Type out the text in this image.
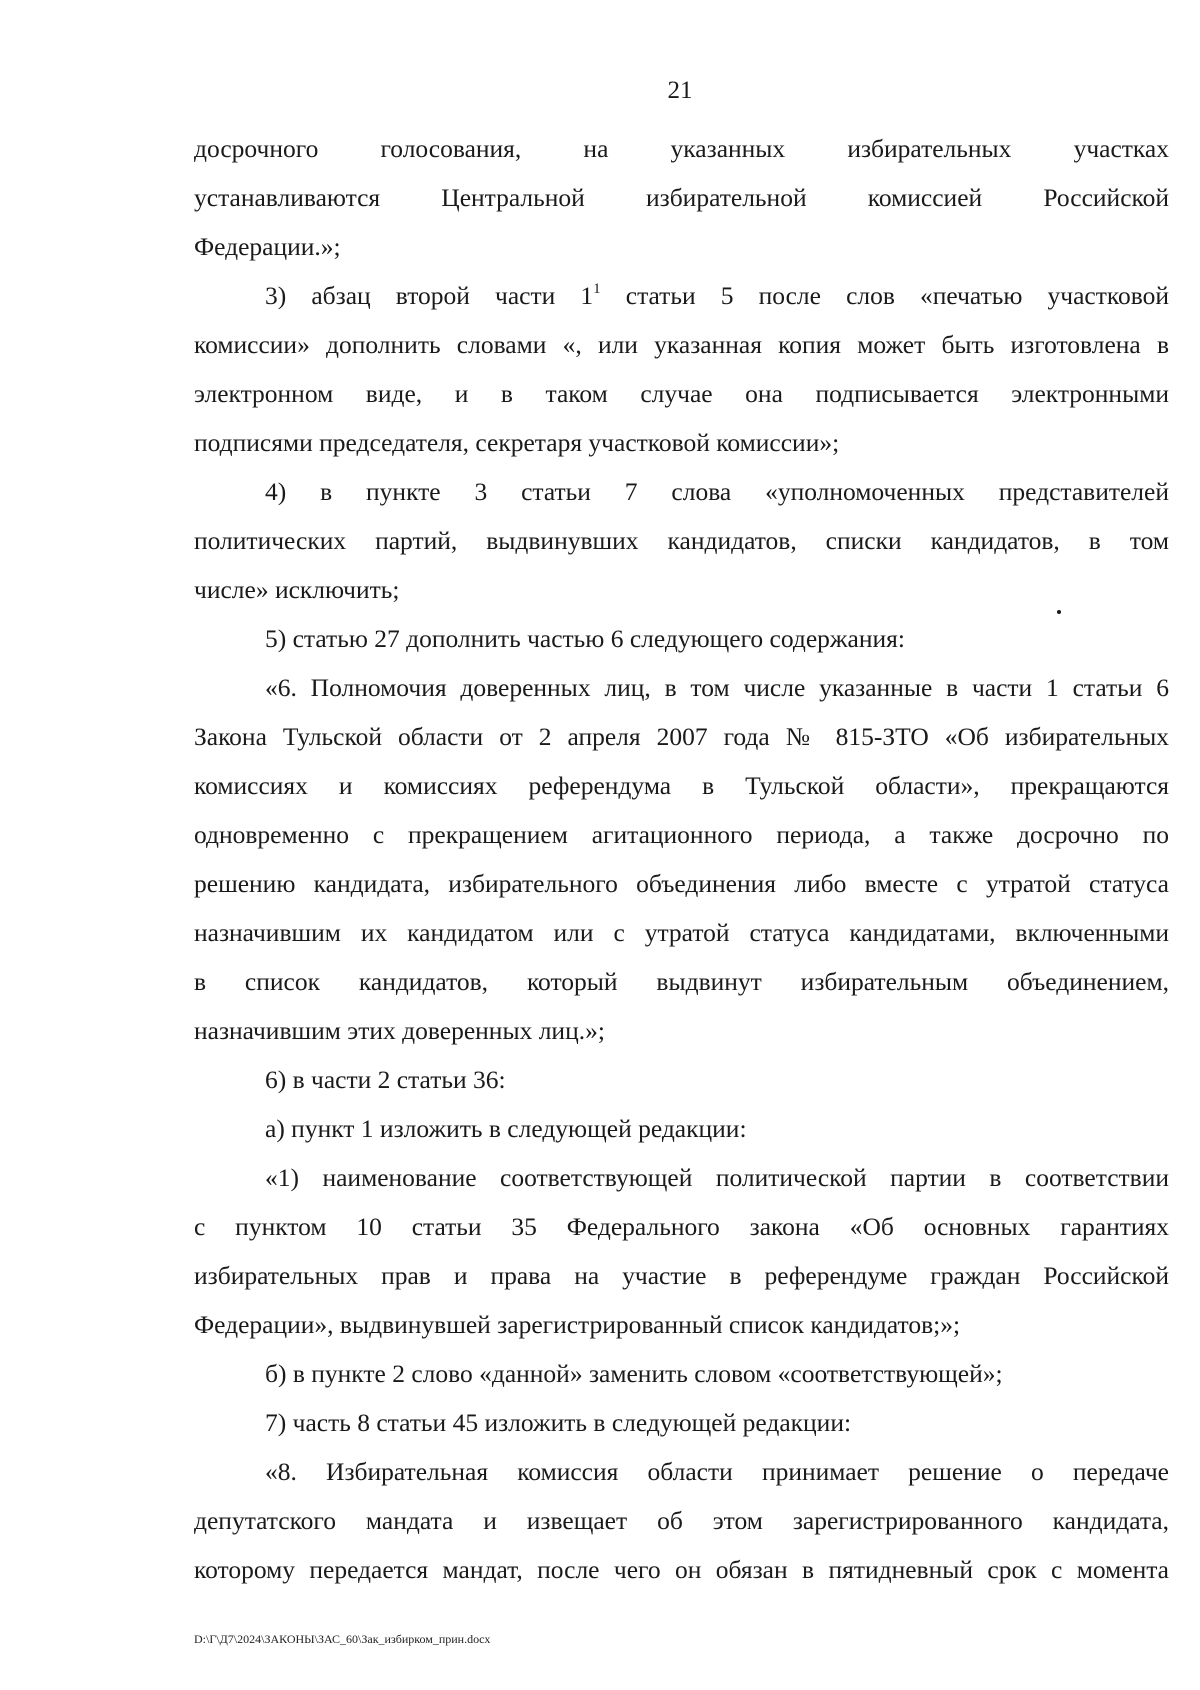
21
досрочного голосования, на указанных избирательных участках
устанавливаются Центральной избирательной комиссией Российской
Федерации.»;
3) абзац второй части $1^1$ статьи 5 после слов «печатью участковой
комиссии» дополнить словами «, или указанная копия может быть изготовлена в
электронном виде, и в таком случае она подписывается электронными
подписями председателя, секретаря участковой комиссии»;
4) в пункте 3 статьи 7 слова «уполномоченных представителей
политических партий, выдвинувших кандидатов, списки кандидатов, в том
числе» исключить;
5) статью 27 дополнить частью 6 следующего содержания:
«6. Полномочия доверенных лиц, в том числе указанные в части 1 статьи 6
Закона Тульской области от 2 апреля 2007 года № 815-ЗТО «Об избирательных
комиссиях и комиссиях референдума в Тульской области», прекращаются
одновременно с прекращением агитационного периода, а также досрочно по
решению кандидата, избирательного объединения либо вместе с утратой статуса
назначившим их кандидатом или с утратой статуса кандидатами, включенными
в список кандидатов, который выдвинут избирательным объединением,
назначившим этих доверенных лиц.»;
6) в части 2 статьи 36:
а) пункт 1 изложить в следующей редакции:
«1) наименование соответствующей политической партии в соответствии
с пунктом 10 статьи 35 Федерального закона «Об основных гарантиях
избирательных прав и права на участие в референдуме граждан Российской
Федерации», выдвинувшей зарегистрированный список кандидатов;»;
б) в пункте 2 слово «данной» заменить словом «соответствующей»;
7) часть 8 статьи 45 изложить в следующей редакции:
«8. Избирательная комиссия области принимает решение о передаче
депутатского мандата и извещает об этом зарегистрированного кандидата,
которому передается мандат, после чего он обязан в пятидневный срок с момента
D:\Г\Д7\2024\ЗАКОНЫ\ЗАС_60\Зак_избирком_прин.docx
